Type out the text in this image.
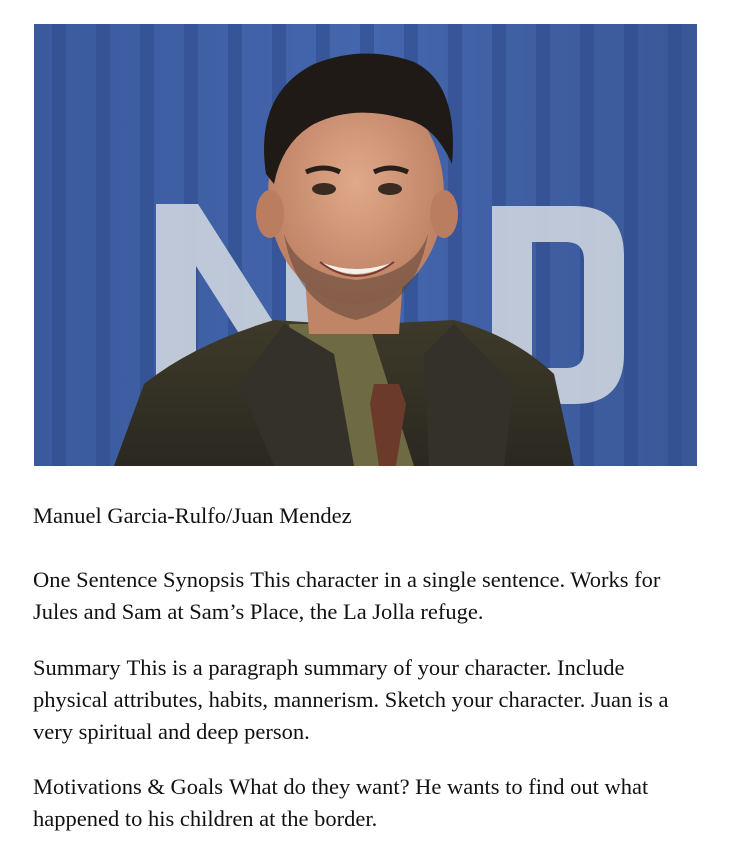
Manuel Garcia-Rulfo/Juan Mendez

One Sentence Synopsis This character in a single sentence. Works for Jules and Sam at Sam’s Place, the La Jolla refuge.

Summary This is a paragraph summary of your character. Include physical attributes, habits, mannerism. Sketch your character. Juan is a very spiritual and deep person.

Motivations & Goals What do they want? He wants to find out what happened to his children at the border.
